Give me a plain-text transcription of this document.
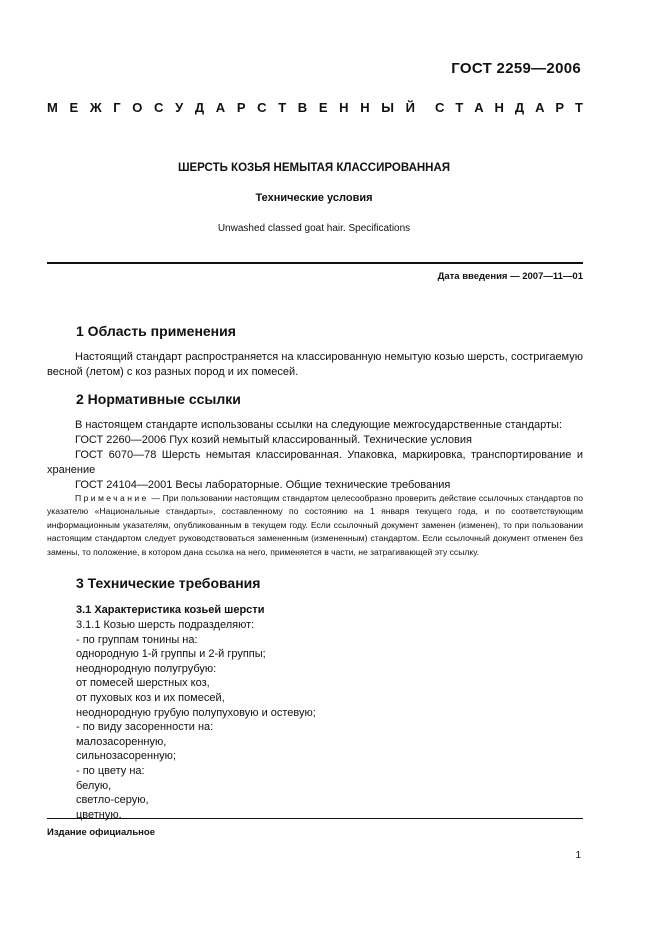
ГОСТ 2259—2006
М Е Ж Г О С У Д А Р С Т В Е Н Н Ы Й С Т А Н Д А Р Т
ШЕРСТЬ КОЗЬЯ НЕМЫТАЯ КЛАССИРОВАННАЯ
Технические условия
Unwashed classed goat hair. Specifications
Дата введения — 2007—11—01
1 Область применения
Настоящий стандарт распространяется на классированную немытую козью шерсть, состригаемую весной (летом) с коз разных пород и их помесей.
2 Нормативные ссылки
В настоящем стандарте использованы ссылки на следующие межгосударственные стандарты:
ГОСТ 2260—2006 Пух козий немытый классированный. Технические условия
ГОСТ 6070—78 Шерсть немытая классированная. Упаковка, маркировка, транспортирование и хранение
ГОСТ 24104—2001 Весы лабораторные. Общие технические требования
Примечание — При пользовании настоящим стандартом целесообразно проверить действие ссылочных стандартов по указателю «Национальные стандарты», составленному по состоянию на 1 января текущего года, и по соответствующим информационным указателям, опубликованным в текущем году. Если ссылочный документ заменен (изменен), то при пользовании настоящим стандартом следует руководствоваться замененным (измененным) стандартом. Если ссылочный документ отменен без замены, то положение, в котором дана ссылка на него, применяется в части, не затрагивающей эту ссылку.
3 Технические требования
3.1 Характеристика козьей шерсти
3.1.1 Козью шерсть подразделяют:
- по группам тонины на:
однородную 1-й группы и 2-й группы;
неоднородную полугрубую:
от помесей шерстных коз,
от пуховых коз и их помесей,
неоднородную грубую полупуховую и остевую;
- по виду засоренности на:
малозасоренную,
сильнозасоренную;
- по цвету на:
белую,
светло-серую,
цветную.
Издание официальное
1
